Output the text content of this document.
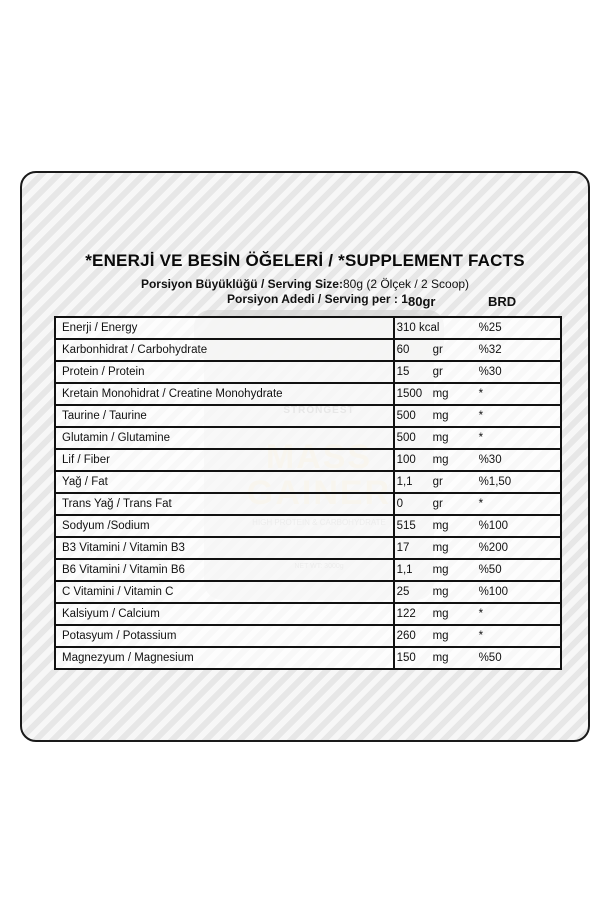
*ENERJİ VE BESİN ÖĞELERİ / *SUPPLEMENT FACTS
Porsiyon Büyüklüğü / Serving Size:80g (2 Ölçek / 2 Scoop)
Porsiyon Adedi / Serving per : 1 80gr	BRD
Enerji / Energy	310 kcal %25

Karbonhidrat / Carbohydrate	60 gr %32

Protein / Protein	15 gr %30

Kretain Monohidrat / Creatine Monohydrate	1500 mg *

Taurine / Taurine	500 mg *

Glutamin / Glutamine	500 mg *

Lif / Fiber	100 mg %30

Yağ / Fat	1,1 gr %1,50

Trans Yağ / Trans Fat	0 gr *

Sodyum /Sodium	515 mg %100

B3 Vitamini / Vitamin B3	17 mg %200

B6 Vitamini / Vitamin B6	1,1 mg %50

C Vitamini / Vitamin C	25 mg %100

Kalsiyum / Calcium	122 mg *

Potasyum / Potassium	260 mg *

Magnezyum / Magnesium	150 mg %50
